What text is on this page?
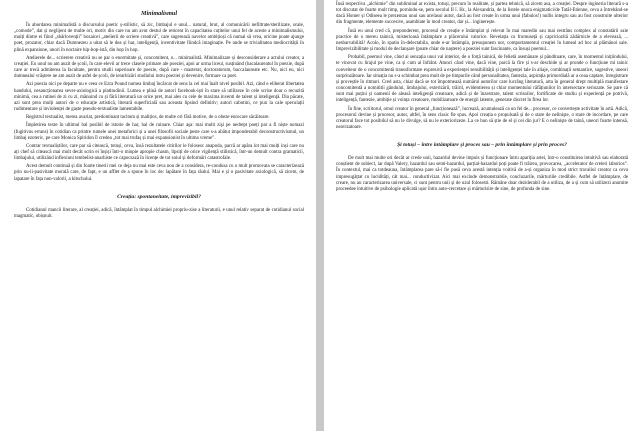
Minimalismul

În abordarea minimalistă a discursului poetic ș-stilistic, să zic, limbajul e unul... natural, brut, al comunicării nefiltrate/sterilizate, orale, „comode”, dat și neglijent de multe ori, motiv din care nu am avut destul de reticent în capacitatea cuțitelor unui fel de aceste a minimalismului, mulți dintre ei fiind „sbârlovenții” bozaicei „atelierii de scriere creativă”, care sugerează navelor ambițioși că numai să vrea, oricine poate ajunge poet, prozator, chiar dacă Dumnezeu a uitat să le dea și har, inteligență, inventivitate fiindcă imaginație. Pe unde se trivialitatea mediocrității în plină expansiune, unori în noctaire hip-hop-istă, din hop în hop.

Atelierele de... scrierere creativă nu se par o enormitate și, concomitent, o... minimalistă. Minimalizare și desconsiderare a actului creator, a creației. Eu unul nu am auzit de școli, în care elevii ar trece clasele primare ale poeziei, apoi ar urma liceul, susținând (bacalaureatul în poezie, după care ar trecă admiterea la facultate, pentru studii superioare de poezie, după care - masterat, doctoratorum, baccalaureate etc. Nu, nici eu, nici dumnealui vrăștere ne am auzit de asfel de școli, de ierarhizări studiului intru poeziei și devenire, formare ca poet.

Azi poezia nici pe departe nu e ceea ce Ezra Pound numea limbaj încărcat de sens la cel mai înalt nivel posibil. Azi, când e eliberat libertatea bandului, nesancționarea sever-axiologică a platitudinii. Lumea e plină de autori facebook-iști în stare să utilizeze în cele scrise doar o recuzită minimă, cea a rutinei de zi cu zi, mănuind cu și fără literatură un orice pret, mai ales cu cele de maxima inventi de talent și inteligență. Dia păcate, azi sunt prea mulți autori de o educație artistică, literară superficială sau aceasta lipsind definitiv; autori cabotini, ce pun la cale speculații rudimentare și inviolenței de gaște pseudo-textualiste lamentabile.

Registrul textualist, merea avariat, predominant tacitum și malițios, de multe ori fără motive, de o obeze eurocare sâcâitoare.

Împletirea texte în ultimul bal posibil de istorie de har, hal de ruinare. Chiar aşa: mai multi zişi pe nedrept poeți par a fi niște nomazi (fugitivus errans) în cotidian ca printre rumele unei metaforici și a unei filosofii sociale peste care s-a abătut imponderabil deconstructivismul, un limbaj ezoteric, pe care Monica Spiridon îl credea „tot mai trufaș și mai expansionist în ultima vreme”.

Contrar textualiștilor, care par să citească, totuși, ceva, însă rezultatele citirilor le folosesc anapoda, parcă ar apăra lot mai mulți inși care nu ați chef să citească mai mult decât scrin ei înșiși într-o miopie apropie chasm, lipsiți de orice vigilență stilistică, într-un demult contra gramaticii, limbajului, utilizând inflexiuni tembelist-anarhiste ce capocsază în licențe de tot soiul și deformări catastrofale.

Acest demult continuă și din foarte tinerii mei ce deja nu mai este ceva nou de a considera, re-condusa cu o mult promovata se caracterizează prin nu-ii-pasivitate morală care, de fapt, e un afflet de a spune în loc de: lapătare în fața răului. Mai e și o pasivitate axiologică, să zicem, de lapatare în fața non-valorii, a kitschului.

Creația: spontaneitate, imprevizibil?

Cotidianul mancii literare, al creației, adică, întâmplat în timpul alchimiei propriu-zise a literaturii, e unul relativ separat de cotidianul social magmatic, obișnuit.

Însă respectiva „alchimie” din subliminal ar exista, totuși, precum în realitate, și partea tehnică, să zicem asa, a creației. Despre ingineria literară s-a tot discutat de foarte mult timp, pornindu-se, pem secolul II î. Hr., la Alexandria, de la listele unora enigmatici/de Tatăl-Etienne, ceva a întrebând-se dacă Homer și Odiseea le prezentau unui sau acelasui autor, dacă au fost create în urma unui (fabulos!) nullis integru sau au fost construite ulterior din fragmente, elemente succesive, asamblate în mod creator, dar și... inginerește.

Însă eu unul cred că, preponderent, procesul de creație e întâmplat și relevat în mai maredin sau mai restrâns complex al constatării sale practice de o mereu tainică, misterioasă întâmplare a plăcerului valorice. Revelația cu frumuseță și capriciozită zădărnicie de a elevează, ... nesbarvabilită! Acolo, în spatiu în-delectabila, unde e-ar întâmpla, presupunem nor, comportamentul creației în lumeal ad hoc al plămânoi sale. Imprevizibilitate și modul de declanșare (poate chiar de naștere) a poeziei sunt fascinante, ca însuși poemul...

Probabil, poemul vine, când ai senzația unui val interior, de o forță tainică, de felietă asemănare și pândituare, care, în momentul inițiindului, te vinovat cu lirajul pe vine, ca și cum ai înfrânt. Atunci când vine, dacă vine, parcă la fire și s-ar deschide și ar pronde o funcțiune mi tainic conveiteur de o concomitentă transsformare expresivă a experienței sensibilității și inteligenței tale în aliaje, combinații semantice, sugestive, uneori surprinzătoare. Iar situația nu s-a schimbat prea mult de pe timpurile când personalitatea, fantezia, aspirația primordială ar a ceaa captare, înregistrare și proveștle în ritmuri. Cred asta, chiar dacă se tot împotmează numărul autorilor care lucrâng literatură, arta în general drept multiplă manifestare concomitentă a nomititii gândului, limbajului, exterizării, trăirii, evidentierea și chiar momentului răfățiunilor în intersectare seriozate. Se pare că sunt mai puțini și oamenii de aleasă inteligență creatoare, adică și de înzestrare, talent scrisoilor, fortificate de studiu și experiență pe potrivă, inteligență, fantezie, ambiție și voința creatoare, mobilizatoare de energii latente, generate discret în firea lor.

În fine, scriitorul, omul creator în general „funcționează”, lucrează, acumulează ca un fel de... procesor, ce convertește activitate în artă. Adică, procesorul devine și procesor, autor, altfel, în sens clasic fie spus. Apoi creația e propulsată și de o stare de nelinişte, o stare de incordare, pe care creatorul face tot posibilul să nu le divulge, să nu le exteriorizeze. La ce bun să știe de el și cei din jur? E o nelinişte de taină, uneori foarte intensă, neavizatoare.

Și totuși – între întâmplare și proces sau – prin întâmplare și prin proces?

De mult mai multe ori decât ar crede unii, hazardul devine impuls și funcționare întru apariția artei, într-o constituirea intuitivă sau elaborată conștient de subiect, iar după Valery, hazardul sau semi-hazardul, parțial-hazardul poți poate fi trăirea, provocarea, „accelerator de creieri laborios”. În contextul, mai ca totdeauna, întâmplarea pare să-i fie pusă ceva acestă intenția voitivă de a-și organiza în mod strict travaliul creator ca ceva impresugâțtat cu lucidități, cât mai... conductivizat. Aici mai exclude demonstrabile, concluzarile, mărturiile credibile. Astfel de întâmplare, de creare, nu au caracterizarea universale, ci sunt pentru unii și de uzul folosesti. Rămâne doar deziderabil de a utiliza, de a și cum să utilizezi anumite proceedee intuitive de psihologie aplicată ușor întru auto-cercetare și mărturisire de sine, de profunda de sine.
